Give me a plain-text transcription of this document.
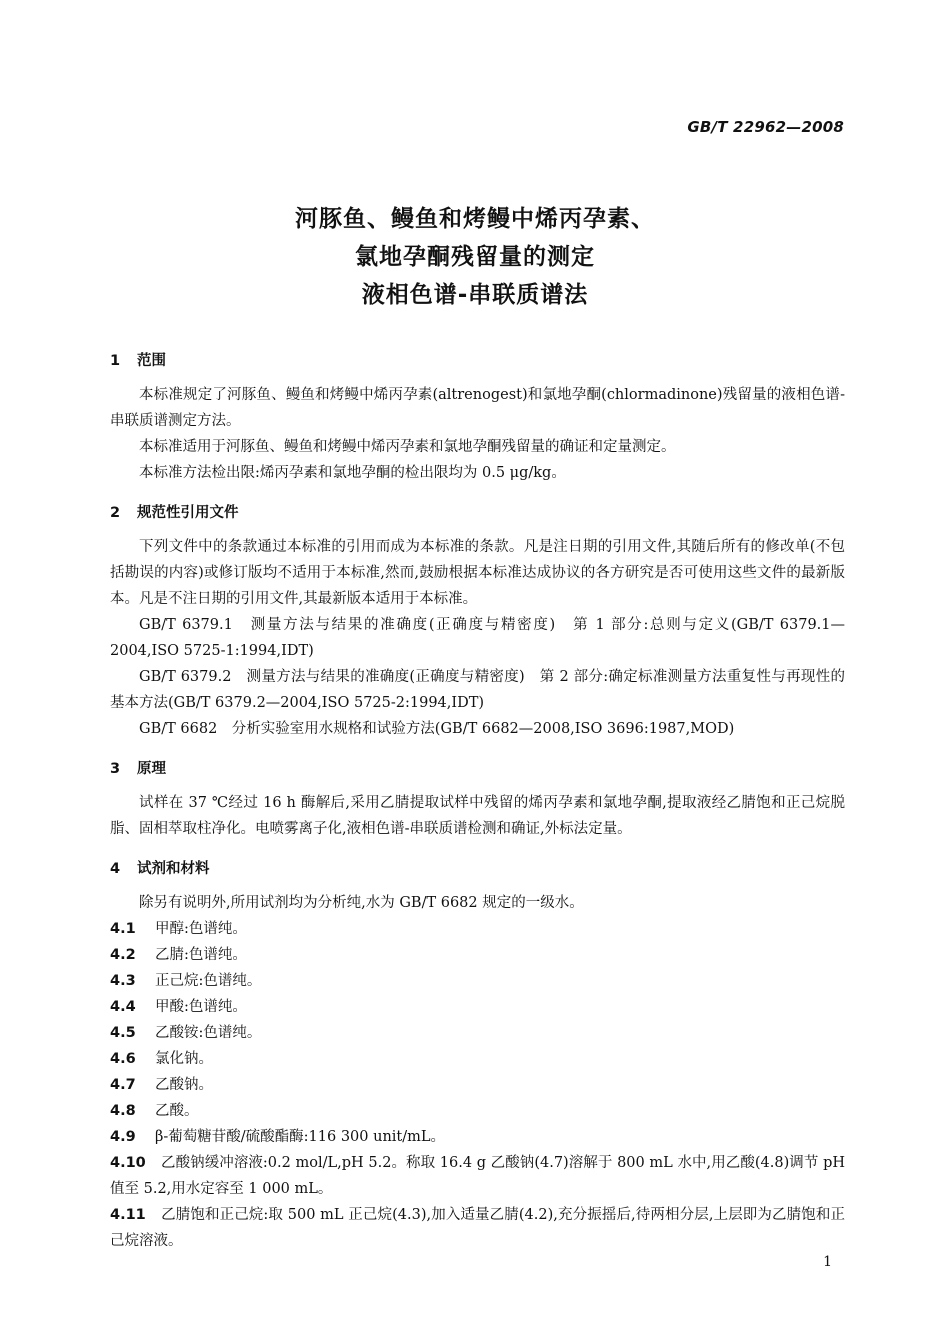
GB/T 22962—2008
河豚鱼、鳗鱼和烤鳗中烯丙孕素、
氯地孕酮残留量的测定
液相色谱-串联质谱法
1 范围
本标准规定了河豚鱼、鳗鱼和烤鳗中烯丙孕素(altrenogest)和氯地孕酮(chlormadinone)残留量的液相色谱-串联质谱测定方法。
本标准适用于河豚鱼、鳗鱼和烤鳗中烯丙孕素和氯地孕酮残留量的确证和定量测定。
本标准方法检出限:烯丙孕素和氯地孕酮的检出限均为 0.5 μg/kg。
2 规范性引用文件
下列文件中的条款通过本标准的引用而成为本标准的条款。凡是注日期的引用文件,其随后所有的修改单(不包括勘误的内容)或修订版均不适用于本标准,然而,鼓励根据本标准达成协议的各方研究是否可使用这些文件的最新版本。凡是不注日期的引用文件,其最新版本适用于本标准。
GB/T 6379.1　测量方法与结果的准确度(正确度与精密度)　第 1 部分:总则与定义(GB/T 6379.1—2004,ISO 5725-1:1994,IDT)
GB/T 6379.2　测量方法与结果的准确度(正确度与精密度)　第 2 部分:确定标准测量方法重复性与再现性的基本方法(GB/T 6379.2—2004,ISO 5725-2:1994,IDT)
GB/T 6682　分析实验室用水规格和试验方法(GB/T 6682—2008,ISO 3696:1987,MOD)
3 原理
试样在 37 ℃经过 16 h 酶解后,采用乙腈提取试样中残留的烯丙孕素和氯地孕酮,提取液经乙腈饱和正己烷脱脂、固相萃取柱净化。电喷雾离子化,液相色谱-串联质谱检测和确证,外标法定量。
4 试剂和材料
除另有说明外,所用试剂均为分析纯,水为 GB/T 6682 规定的一级水。
4.1	甲醇:色谱纯。
4.2	乙腈:色谱纯。
4.3	正己烷:色谱纯。
4.4	甲酸:色谱纯。
4.5	乙酸铵:色谱纯。
4.6	氯化钠。
4.7	乙酸钠。
4.8	乙酸。
4.9	β-葡萄糖苷酸/硫酸酯酶:116 300 unit/mL。
4.10 乙酸钠缓冲溶液:0.2 mol/L,pH 5.2。称取 16.4 g 乙酸钠(4.7)溶解于 800 mL 水中,用乙酸(4.8)调节 pH 值至 5.2,用水定容至 1 000 mL。
4.11 乙腈饱和正己烷:取 500 mL 正己烷(4.3),加入适量乙腈(4.2),充分振摇后,待两相分层,上层即为乙腈饱和正己烷溶液。
1
